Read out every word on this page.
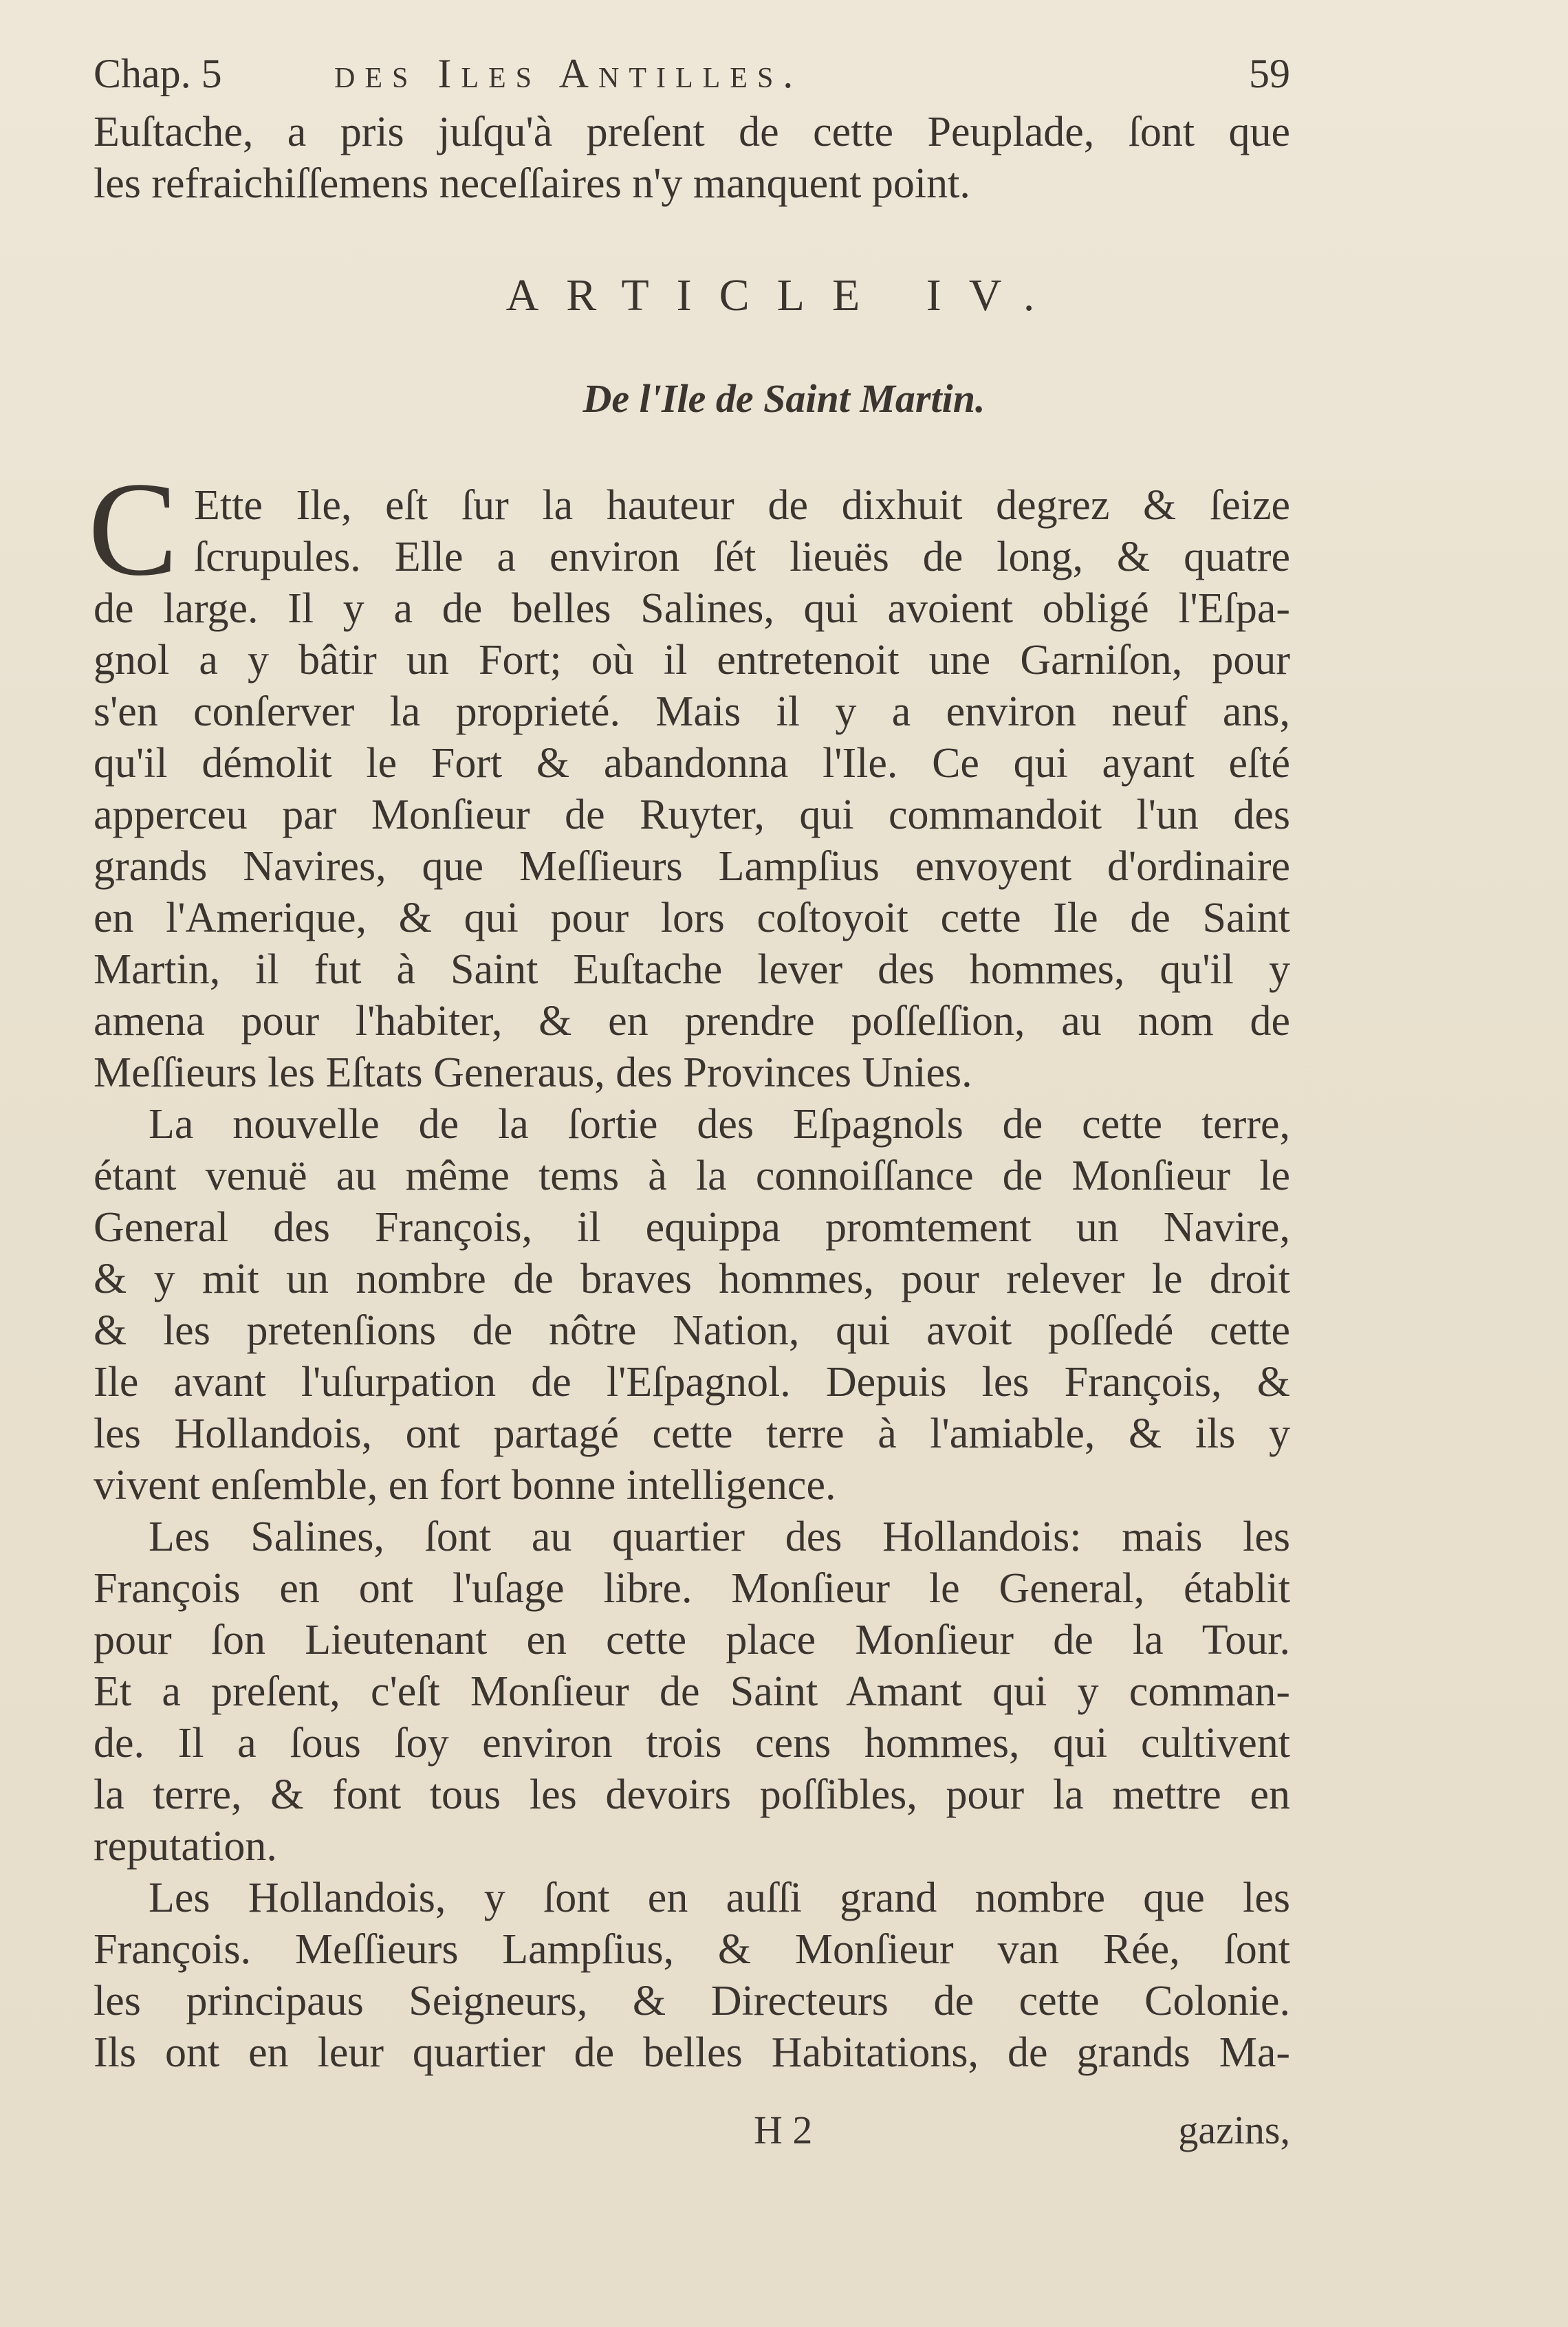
Chap. 5	des Iles Antilles.	59
Euſtache, a pris juſqu'à preſent de cette Peuplade, ſont que
les refraichiſſemens neceſſaires n'y manquent point.
ARTICLE IV.
De l'Ile de Saint Martin.
C Ette Ile, eſt ſur la hauteur de dixhuit degrez & ſeize
ſcrupules. Elle a environ ſét lieuës de long, & quatre
de large. Il y a de belles Salines, qui avoient obligé l'Eſpa-
gnol a y bâtir un Fort; où il entretenoit une Garniſon, pour
s'en conſerver la proprieté. Mais il y a environ neuf ans,
qu'il démolit le Fort & abandonna l'Ile. Ce qui ayant eſté
apperceu par Monſieur de Ruyter, qui commandoit l'un des
grands Navires, que Meſſieurs Lampſius envoyent d'ordinaire
en l'Amerique, & qui pour lors coſtoyoit cette Ile de Saint
Martin, il fut à Saint Euſtache lever des hommes, qu'il y
amena pour l'habiter, & en prendre poſſeſſion, au nom de
Meſſieurs les Eſtats Generaus, des Provinces Unies.
La nouvelle de la ſortie des Eſpagnols de cette terre,
étant venuë au même tems à la connoiſſance de Monſieur le
General des François, il equippa promtement un Navire,
& y mit un nombre de braves hommes, pour relever le droit
& les pretenſions de nôtre Nation, qui avoit poſſedé cette
Ile avant l'uſurpation de l'Eſpagnol. Depuis les François, &
les Hollandois, ont partagé cette terre à l'amiable, & ils y
vivent enſemble, en fort bonne intelligence.
Les Salines, ſont au quartier des Hollandois: mais les
François en ont l'uſage libre. Monſieur le General, établit
pour ſon Lieutenant en cette place Monſieur de la Tour.
Et a preſent, c'eſt Monſieur de Saint Amant qui y comman-
de. Il a ſous ſoy environ trois cens hommes, qui cultivent
la terre, & font tous les devoirs poſſibles, pour la mettre en
reputation.
Les Hollandois, y ſont en auſſi grand nombre que les
François. Meſſieurs Lampſius, & Monſieur van Rée, ſont
les principaus Seigneurs, & Directeurs de cette Colonie.
Ils ont en leur quartier de belles Habitations, de grands Ma-
H 2	gazins,
